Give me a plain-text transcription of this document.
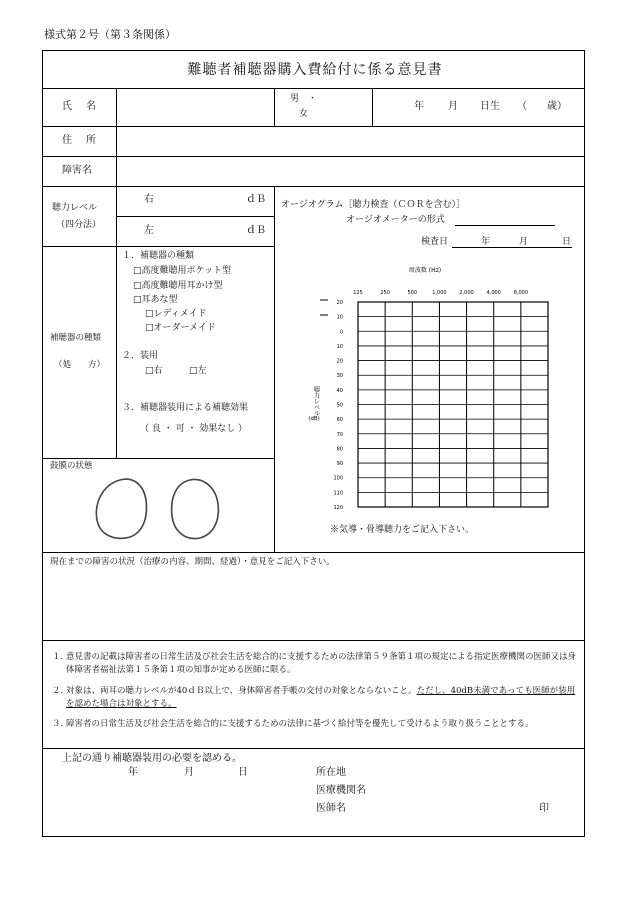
様式第２号（第３条関係）
難聴者補聴器購入費給付に係る意見書
氏　名
男　・
女
年 月 日生 （ 歳）
住　所
障害名
聴力レベル
（四分法）
右	ｄＢ
左	ｄＢ
補聴器の種類
（処　　方）
１．補聴器の種類
□高度難聴用ポケット型
□高度難聴用耳かけ型
□耳あな型
□レディメイド
□オーダーメイド
２．装用
□右	□左
３．補聴器装用による補聴効果
（ 良 ・ 可 ・ 効果なし ）
鼓膜の状態
オージオグラム［聴力検査（ＣＯＲを含む）］
オージオメーターの形式
検査日	年	月	日
周波数 (Hz)
125	250	500	1,000	2,000	4,000	8,000
20
10
0
10
20
30
40
50
60
70
80
90
100
110
120
聴力レベル
(dB)
※気導・骨導聴力をご記入下さい。
現在までの障害の状況（治療の内容、期間、経過）・意見をご記入下さい。
１．
意見書の記載は障害者の日常生活及び社会生活を総合的に支援するための法律第５９条第１項の規定による指定医療機関の医師又は身体障害者福祉法第１５条第１項の知事が定める医師に限る。
２．
対象は、両耳の聴力レベルが40ｄＢ以上で、身体障害者手帳の交付の対象とならないこと。ただし、40dB未満であっても医師が装用を認めた場合は対象とする。
３．
障害者の日常生活及び社会生活を総合的に支援するための法律に基づく給付等を優先して受けるよう取り扱うこととする。
上記の通り補聴器装用の必要を認める。
年	月	日	所在地
医療機関名
医師名	印
